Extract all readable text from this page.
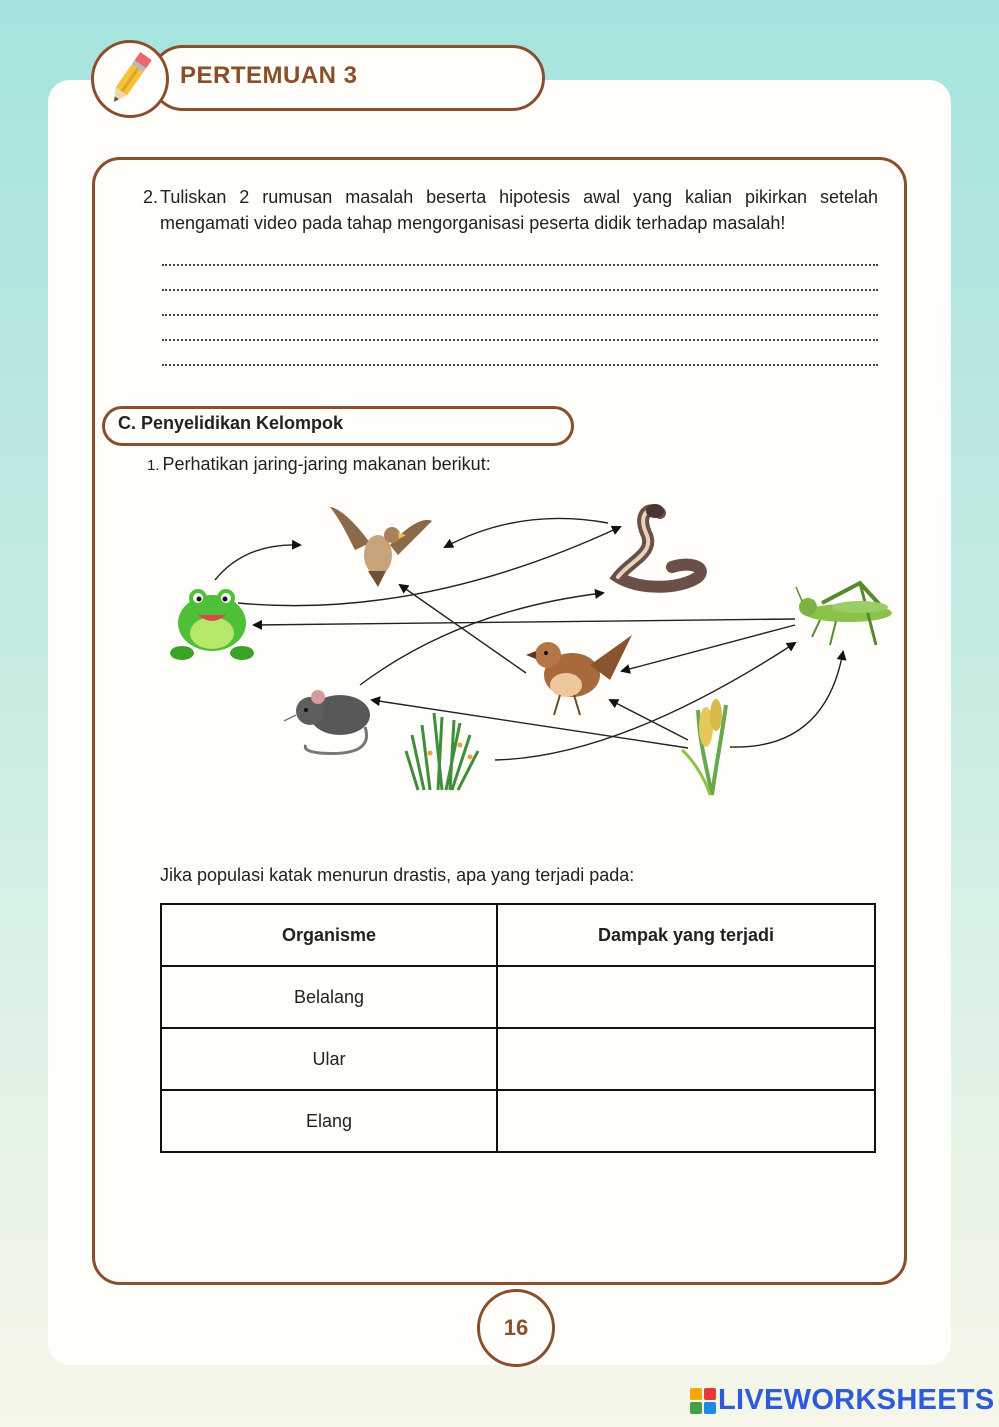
PERTEMUAN 3
2. Tuliskan 2 rumusan masalah beserta hipotesis awal yang kalian pikirkan setelah mengamati video pada tahap mengorganisasi peserta didik terhadap masalah!
C. Penyelidikan Kelompok
1. Perhatikan jaring-jaring makanan berikut:
Jika populasi katak menurun drastis, apa yang terjadi pada:
Organisme	Dampak yang terjadi
Belalang	
Ular	
Elang	
16
LIVEWORKSHEETS
